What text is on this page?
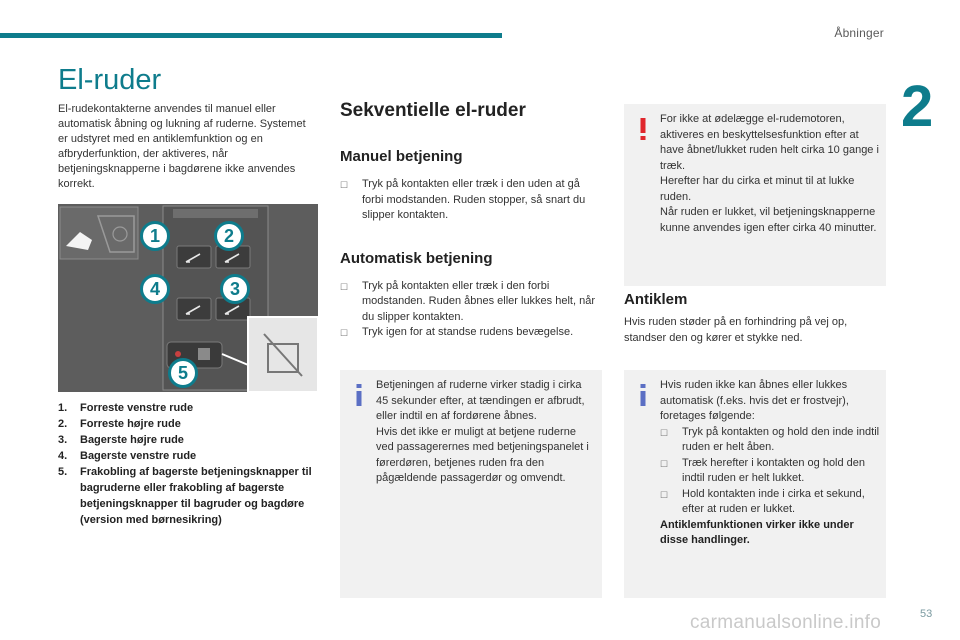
Åbninger
2
El-ruder

El-rudekontakterne anvendes til manuel eller automatisk åbning og lukning af ruderne. Systemet er udstyret med en antiklemfunktion og en afbryderfunktion, der aktiveres, når betjeningsknapperne i bagdørene ikke anvendes korrekt.

1	2
3
4
5
1.	Forreste venstre rude
2.	Forreste højre rude
3.	Bagerste højre rude
4.	Bagerste venstre rude
5.	Frakobling af bagerste betjeningsknapper til bagruderne eller frakobling af bagerste betjeningsknapper til bagruder og bagdøre (version med børnesikring)
Sekventielle el-ruder
Manuel betjening
☐	Tryk på kontakten eller træk i den uden at gå forbi modstanden. Ruden stopper, så snart du slipper kontakten.
Automatisk betjening
☐	Tryk på kontakten eller træk i den forbi modstanden. Ruden åbnes eller lukkes helt, når du slipper kontakten.
☐	Tryk igen for at standse rudens bevægelse.
Betjeningen af ruderne virker stadig i cirka 45 sekunder efter, at tændingen er afbrudt, eller indtil en af fordørene åbnes.
Hvis det ikke er muligt at betjene ruderne ved passagerernes med betjeningspanelet i førerdøren, betjenes ruden fra den pågældende passagerdør og omvendt.
For ikke at ødelægge el-rudemotoren, aktiveres en beskyttelsesfunktion efter at have åbnet/lukket ruden helt cirka 10 gange i træk.
Herefter har du cirka et minut til at lukke ruden.
Når ruden er lukket, vil betjeningsknapperne kunne anvendes igen efter cirka 40 minutter.
Antiklem

Hvis ruden støder på en forhindring på vej op, standser den og kører et stykke ned.

Hvis ruden ikke kan åbnes eller lukkes automatisk (f.eks. hvis det er frostvejr), foretages følgende:
☐	Tryk på kontakten og hold den inde indtil ruden er helt åben.
☐	Træk herefter i kontakten og hold den indtil ruden er helt lukket.
☐	Hold kontakten inde i cirka et sekund, efter at ruden er lukket.
Antiklemfunktionen virker ikke under disse handlinger.
carmanualsonline.info	53
